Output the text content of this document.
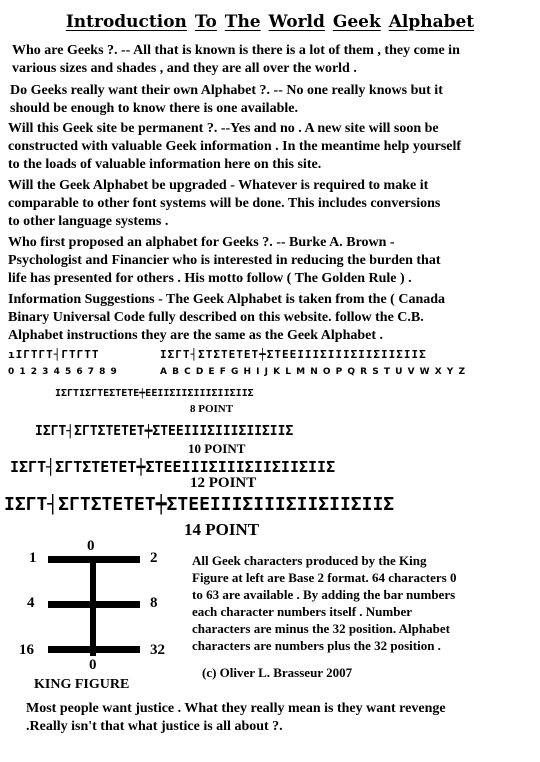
Introduction To The World Geek Alphabet
Who are Geeks ?. -- All that is known is there is a lot of them , they come in
various sizes and shades , and they are all over the world .
Do Geeks really want their own Alphabet ?. -- No one really knows but it
should be enough to know there is one available.
Will this Geek site be permanent ?. --Yes and no . A new site will soon be
constructed with valuable Geek information . In the meantime help yourself
to the loads of valuable information here on this site.
Will the Geek Alphabet be upgraded - Whatever is required to make it
comparable to other font systems will be done. This includes conversions
to other language systems .
Who first proposed an alphabet for Geeks ?. -- Burke A. Brown -
Psychologist and Financier who is interested in reducing the burden that
life has presented for others . His motto follow ( The Golden Rule ) .
Information Suggestions - The Geek Alphabet is taken from the ( Canada
Binary Universal Code fully described on this website. follow the C.B.
Alphabet instructions they are the same as the Geek Alphabet .
ıΙΓΤΓΤ┤ΓΤΓΤΤ	ΙΣΓΤ┤ΣΤΣΤΕΤΕΤ┿ΣΤΕΕΙΙΙΣΙΙΙΣΙΙΣΙΙΣΙΙΣ
0 1 2 3 4 5 6 7 8 9	A B C D E F G H I J K L M N O P Q R S T U V W X Y Z
ΙΣΓΤΙΣΓΤΕΣΤΕΤΕ┿ΕΕΙΙΣΙΙΣΙΙΙΣΙΙΣΙΙΣ
8 POINT
ΙΣΓΤ┤ΣΓΤΣΤΕΤΕΤ┿ΣΤΕΕΙΙΙΣΙΙΙΣΙΙΣΙΙΣ
10 POINT
ΙΣΓΤ┤ΣΓΤΣΤΕΤΕΤ┿ΣΤΕΕΙΙΙΣΙΙΙΣΙΙΣΙΙΣΙΙΣ
12 POINT
ΙΣΓΤ┤ΣΓΤΣΤΕΤΕΤ┿ΣΤΕΕΙΙΙΣΙΙΙΣΙΙΣΙΙΣΙΙΣ
14 POINT
0
1	2
4	8
16	32
0
KING FIGURE
All Geek characters produced by the King
Figure at left are Base 2 format. 64 characters 0
to 63 are available . By adding the bar numbers
each character numbers itself . Number
characters are minus the 32 position. Alphabet
characters are numbers plus the 32 position .
(c) Oliver L. Brasseur 2007
Most people want justice . What they really mean is they want revenge
.Really isn't that what justice is all about ?.
